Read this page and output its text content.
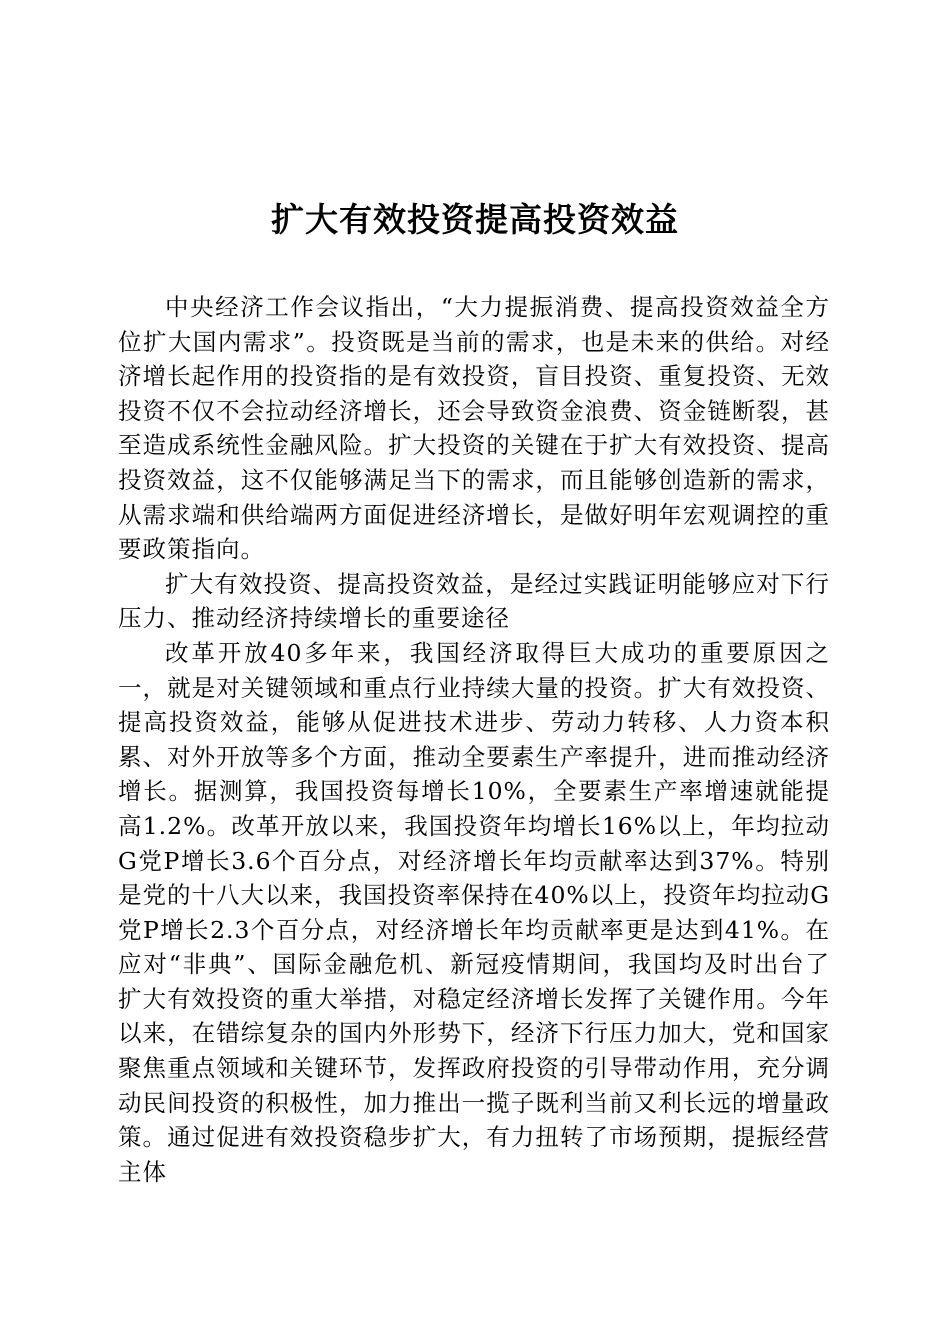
扩大有效投资提高投资效益

中央经济工作会议指出，“大力提振消费、提高投资效益全方位扩大国内需求”。投资既是当前的需求，也是未来的供给。对经济增长起作用的投资指的是有效投资，盲目投资、重复投资、无效投资不仅不会拉动经济增长，还会导致资金浪费、资金链断裂，甚至造成系统性金融风险。扩大投资的关键在于扩大有效投资、提高投资效益，这不仅能够满足当下的需求，而且能够创造新的需求，从需求端和供给端两方面促进经济增长，是做好明年宏观调控的重要政策指向。

扩大有效投资、提高投资效益，是经过实践证明能够应对下行压力、推动经济持续增长的重要途径

改革开放40多年来，我国经济取得巨大成功的重要原因之一，就是对关键领域和重点行业持续大量的投资。扩大有效投资、提高投资效益，能够从促进技术进步、劳动力转移、人力资本积累、对外开放等多个方面，推动全要素生产率提升，进而推动经济增长。据测算，我国投资每增长10%，全要素生产率增速就能提高1.2%。改革开放以来，我国投资年均增长16%以上，年均拉动G党P增长3.6个百分点，对经济增长年均贡献率达到37%。特别是党的十八大以来，我国投资率保持在40%以上，投资年均拉动G党P增长2.3个百分点，对经济增长年均贡献率更是达到41%。在应对“非典”、国际金融危机、新冠疫情期间，我国均及时出台了扩大有效投资的重大举措，对稳定经济增长发挥了关键作用。今年以来，在错综复杂的国内外形势下，经济下行压力加大，党和国家聚焦重点领域和关键环节，发挥政府投资的引导带动作用，充分调动民间投资的积极性，加力推出一揽子既利当前又利长远的增量政策。通过促进有效投资稳步扩大，有力扭转了市场预期，提振经营主体
